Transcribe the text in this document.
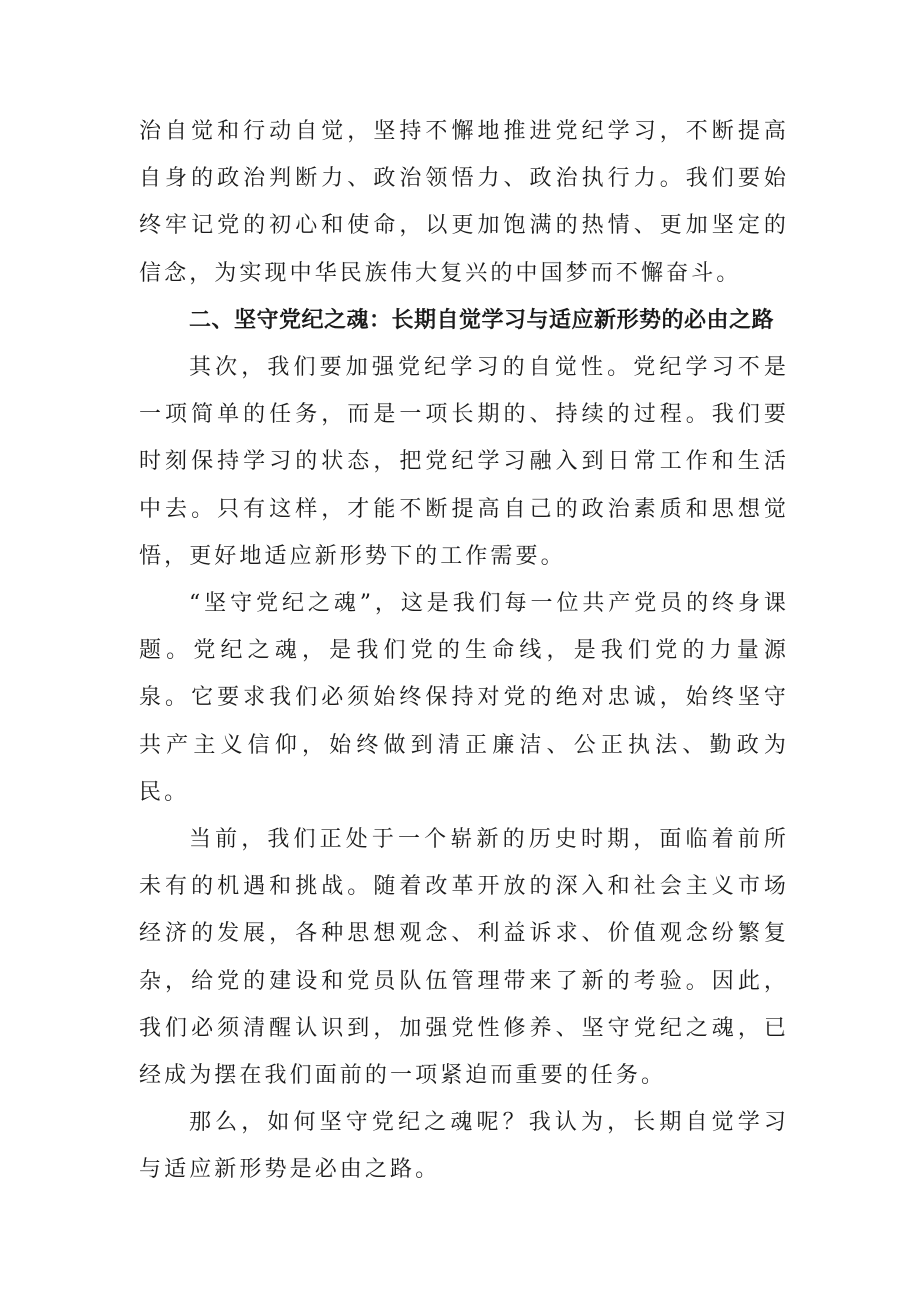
治自觉和行动自觉，坚持不懈地推进党纪学习，不断提高自身的政治判断力、政治领悟力、政治执行力。我们要始终牢记党的初心和使命，以更加饱满的热情、更加坚定的信念，为实现中华民族伟大复兴的中国梦而不懈奋斗。

二、坚守党纪之魂：长期自觉学习与适应新形势的必由之路

其次，我们要加强党纪学习的自觉性。党纪学习不是一项简单的任务，而是一项长期的、持续的过程。我们要时刻保持学习的状态，把党纪学习融入到日常工作和生活中去。只有这样，才能不断提高自己的政治素质和思想觉悟，更好地适应新形势下的工作需要。

“坚守党纪之魂”，这是我们每一位共产党员的终身课题。党纪之魂，是我们党的生命线，是我们党的力量源泉。它要求我们必须始终保持对党的绝对忠诚，始终坚守共产主义信仰，始终做到清正廉洁、公正执法、勤政为民。

当前，我们正处于一个崭新的历史时期，面临着前所未有的机遇和挑战。随着改革开放的深入和社会主义市场经济的发展，各种思想观念、利益诉求、价值观念纷繁复杂，给党的建设和党员队伍管理带来了新的考验。因此，我们必须清醒认识到，加强党性修养、坚守党纪之魂，已经成为摆在我们面前的一项紧迫而重要的任务。

那么，如何坚守党纪之魂呢？我认为，长期自觉学习与适应新形势是必由之路。
